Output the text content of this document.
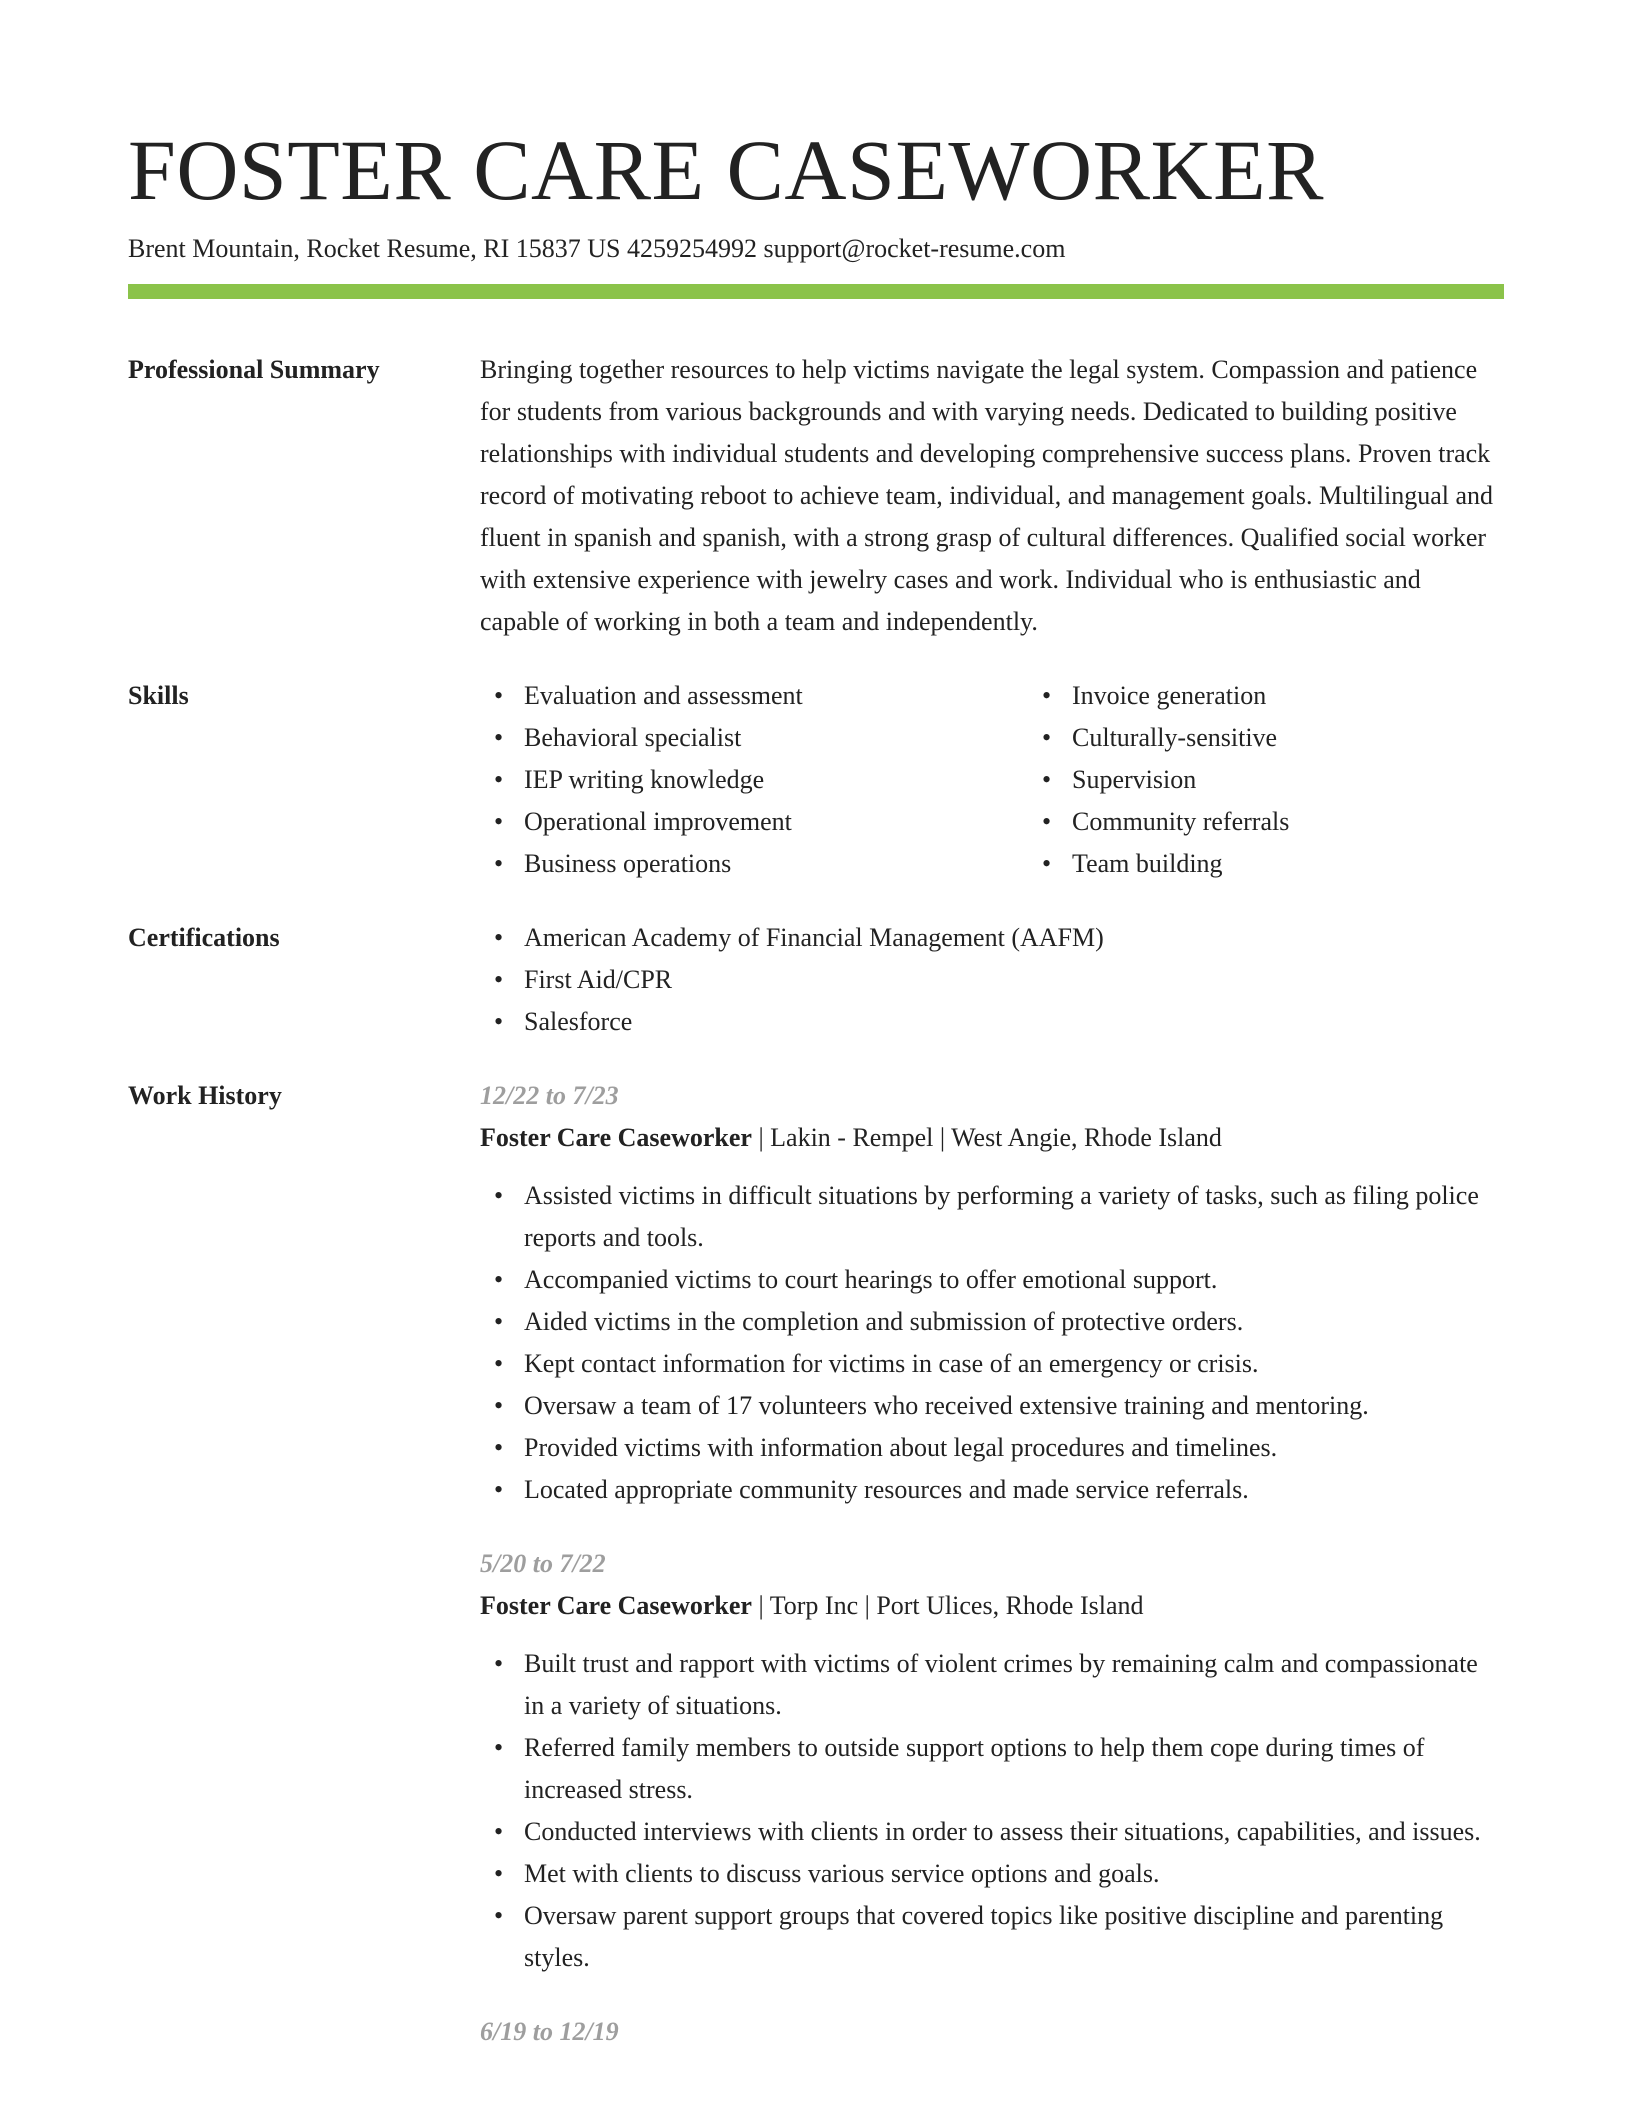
FOSTER CARE CASEWORKER
Brent Mountain, Rocket Resume, RI 15837 US 4259254992 support@rocket-resume.com
Professional Summary	Bringing together resources to help victims navigate the legal system. Compassion and patience for students from various backgrounds and with varying needs. Dedicated to building positive relationships with individual students and developing comprehensive success plans. Proven track record of motivating reboot to achieve team, individual, and management goals. Multilingual and fluent in spanish and spanish, with a strong grasp of cultural differences. Qualified social worker with extensive experience with jewelry cases and work. Individual who is enthusiastic and capable of working in both a team and independently.

Skills	• Evaluation and assessment
• Behavioral specialist
• IEP writing knowledge
• Operational improvement
• Business operations
• Invoice generation
• Culturally-sensitive
• Supervision
• Community referrals
• Team building
Certifications	• American Academy of Financial Management (AAFM)
• First Aid/CPR
• Salesforce
Work History	12/22 to 7/23
Foster Care Caseworker | Lakin - Rempel | West Angie, Rhode Island
• Assisted victims in difficult situations by performing a variety of tasks, such as filing police reports and tools.
• Accompanied victims to court hearings to offer emotional support.
• Aided victims in the completion and submission of protective orders.
• Kept contact information for victims in case of an emergency or crisis.
• Oversaw a team of 17 volunteers who received extensive training and mentoring.
• Provided victims with information about legal procedures and timelines.
• Located appropriate community resources and made service referrals.
5/20 to 7/22
Foster Care Caseworker | Torp Inc | Port Ulices, Rhode Island
• Built trust and rapport with victims of violent crimes by remaining calm and compassionate in a variety of situations.
• Referred family members to outside support options to help them cope during times of increased stress.
• Conducted interviews with clients in order to assess their situations, capabilities, and issues.
• Met with clients to discuss various service options and goals.
• Oversaw parent support groups that covered topics like positive discipline and parenting styles.
6/19 to 12/19
